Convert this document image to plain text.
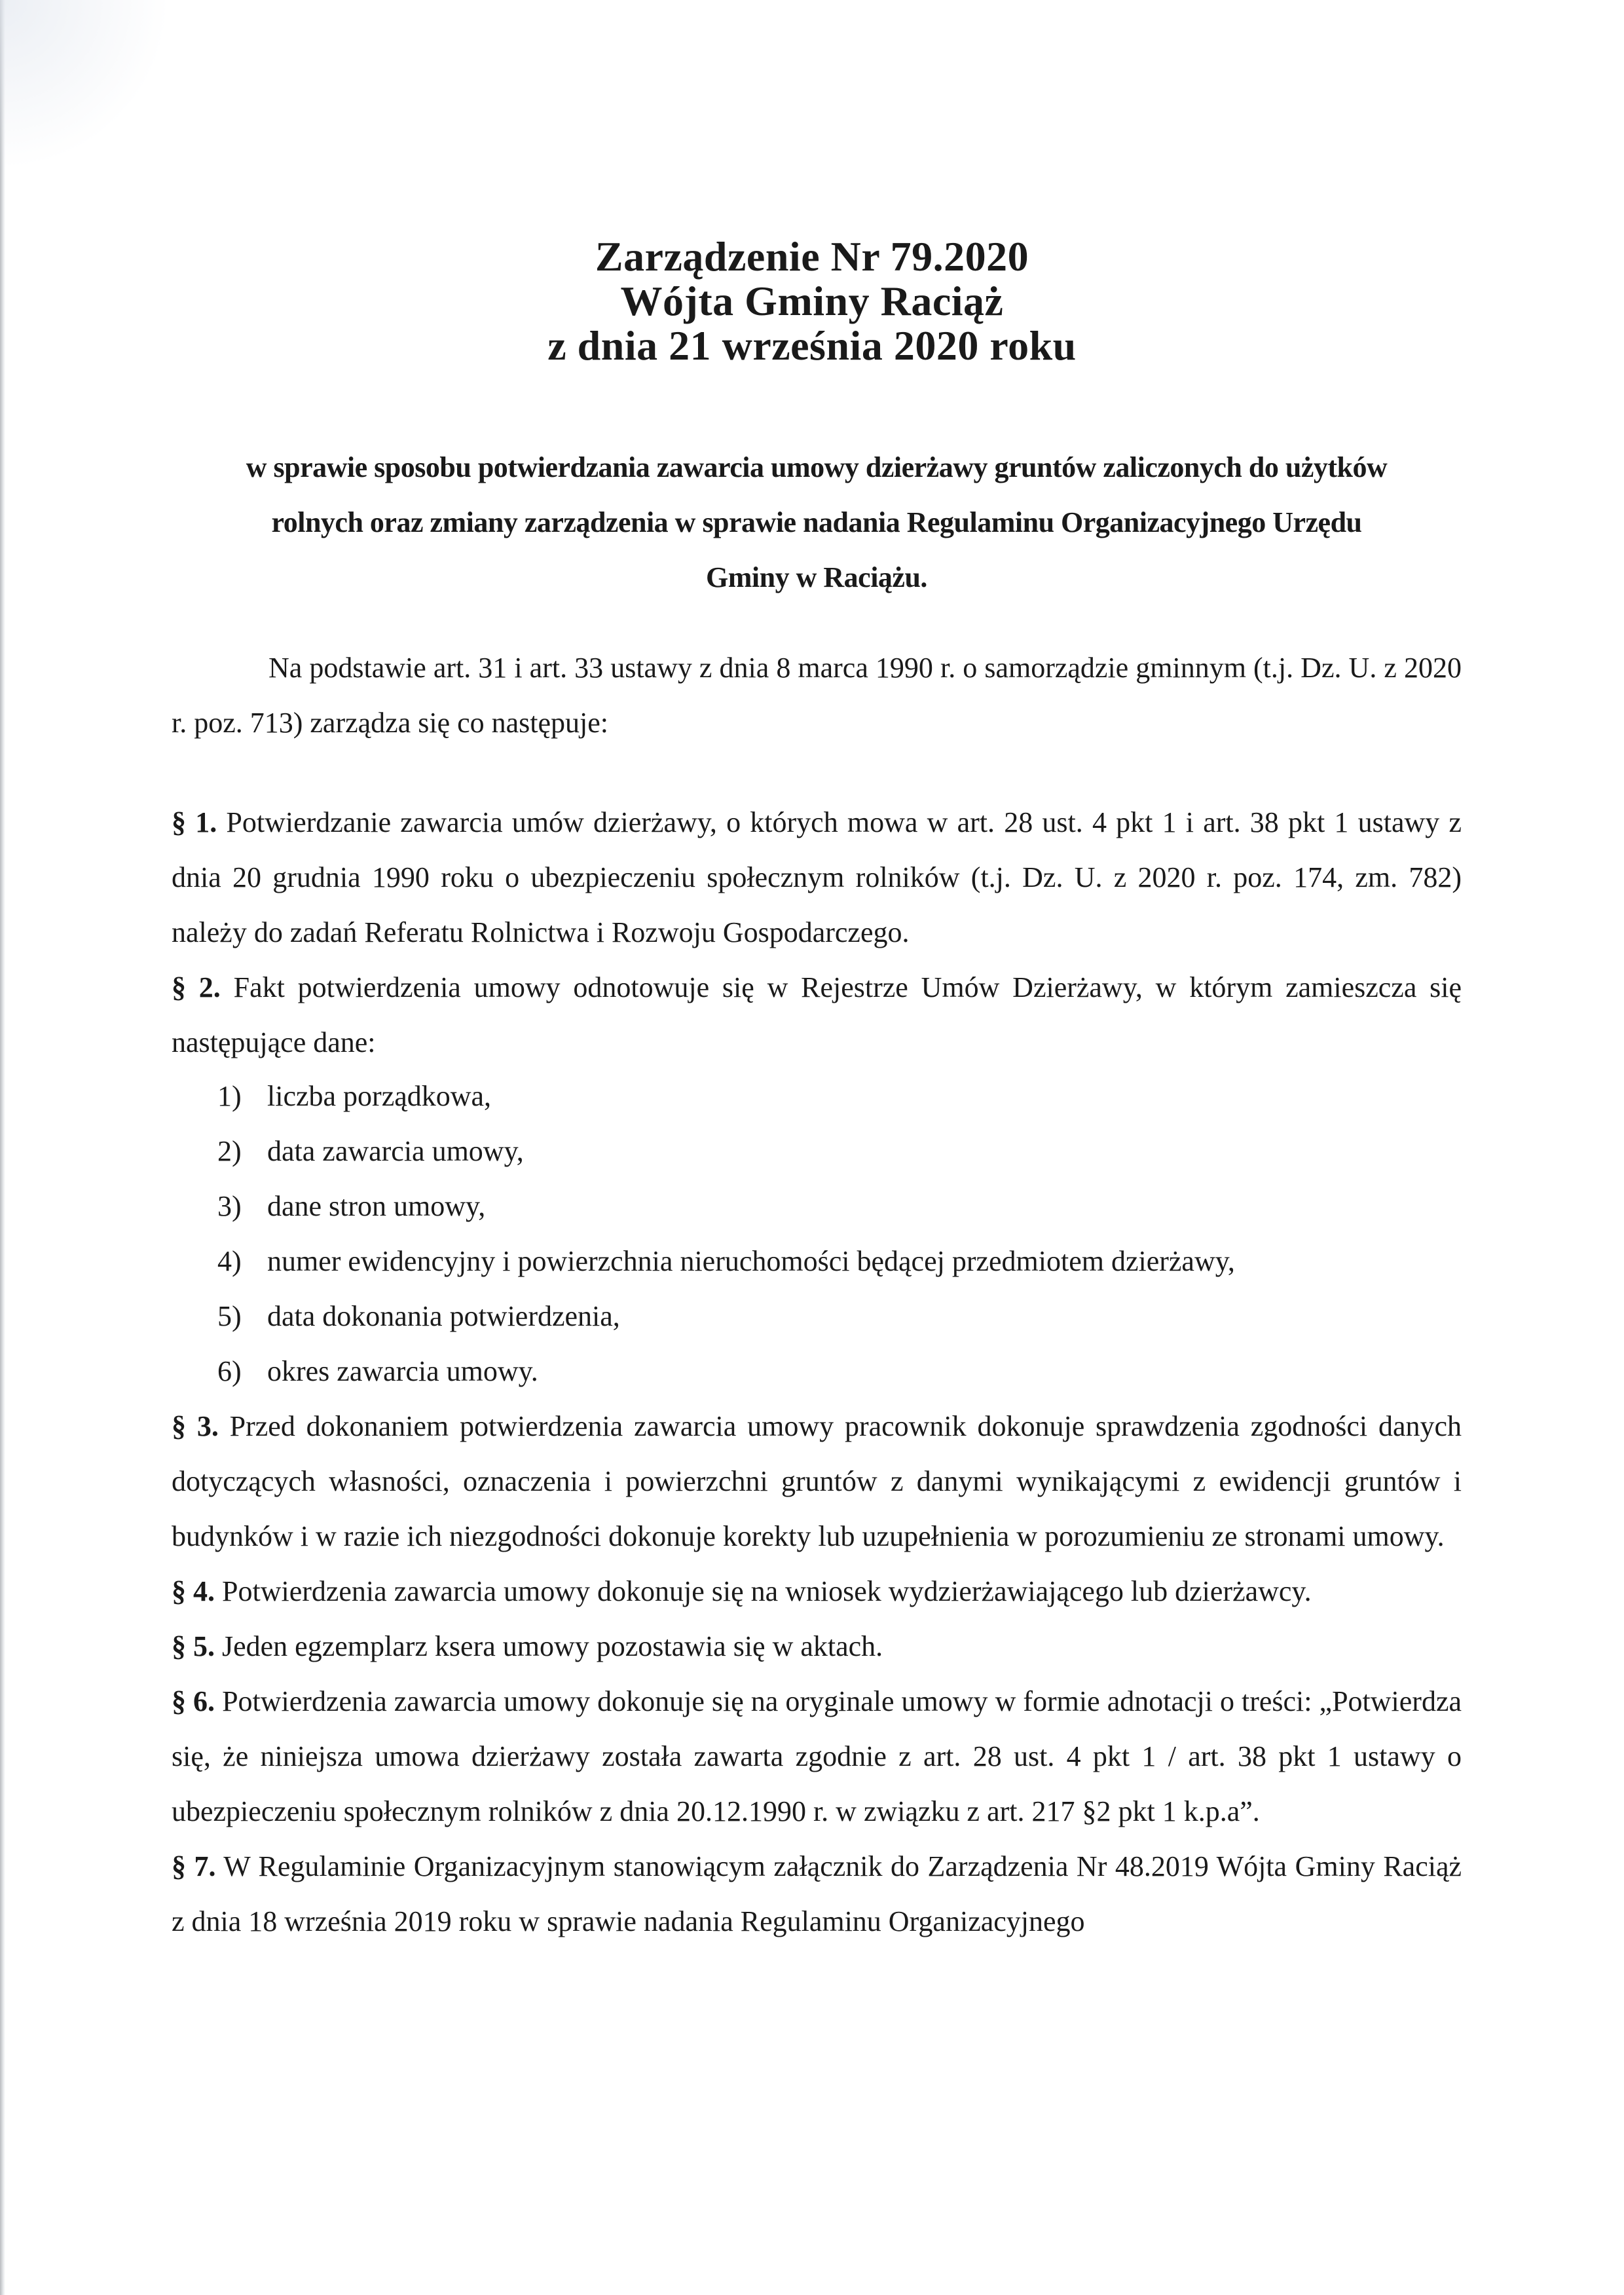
Zarządzenie Nr 79.2020
Wójta Gminy Raciąż
z dnia 21 września 2020 roku
w sprawie sposobu potwierdzania zawarcia umowy dzierżawy gruntów zaliczonych do użytków
rolnych oraz zmiany zarządzenia w sprawie nadania Regulaminu Organizacyjnego Urzędu
Gminy w Raciążu.

Na podstawie art. 31 i art. 33 ustawy z dnia 8 marca 1990 r. o samorządzie gminnym (t.j. Dz. U. z 2020 r. poz. 713) zarządza się co następuje:

§ 1. Potwierdzanie zawarcia umów dzierżawy, o których mowa w art. 28 ust. 4 pkt 1 i art. 38 pkt 1 ustawy z dnia 20 grudnia 1990 roku o ubezpieczeniu społecznym rolników (t.j. Dz. U. z 2020 r. poz. 174, zm. 782) należy do zadań Referatu Rolnictwa i Rozwoju Gospodarczego.

§ 2. Fakt potwierdzenia umowy odnotowuje się w Rejestrze Umów Dzierżawy, w którym zamieszcza się następujące dane:

1) liczba porządkowa,
2) data zawarcia umowy,
3) dane stron umowy,
4) numer ewidencyjny i powierzchnia nieruchomości będącej przedmiotem dzierżawy,
5) data dokonania potwierdzenia,
6) okres zawarcia umowy.

§ 3. Przed dokonaniem potwierdzenia zawarcia umowy pracownik dokonuje sprawdzenia zgodności danych dotyczących własności, oznaczenia i powierzchni gruntów z danymi wynikającymi z ewidencji gruntów i budynków i w razie ich niezgodności dokonuje korekty lub uzupełnienia w porozumieniu ze stronami umowy.

§ 4. Potwierdzenia zawarcia umowy dokonuje się na wniosek wydzierżawiającego lub dzierżawcy.

§ 5. Jeden egzemplarz ksera umowy pozostawia się w aktach.

§ 6. Potwierdzenia zawarcia umowy dokonuje się na oryginale umowy w formie adnotacji o treści: „Potwierdza się, że niniejsza umowa dzierżawy została zawarta zgodnie z art. 28 ust. 4 pkt 1 / art. 38 pkt 1 ustawy o ubezpieczeniu społecznym rolników z dnia 20.12.1990 r. w związku z art. 217 §2 pkt 1 k.p.a”.

§ 7. W Regulaminie Organizacyjnym stanowiącym załącznik do Zarządzenia Nr 48.2019 Wójta Gminy Raciąż z dnia 18 września 2019 roku w sprawie nadania Regulaminu Organizacyjnego
